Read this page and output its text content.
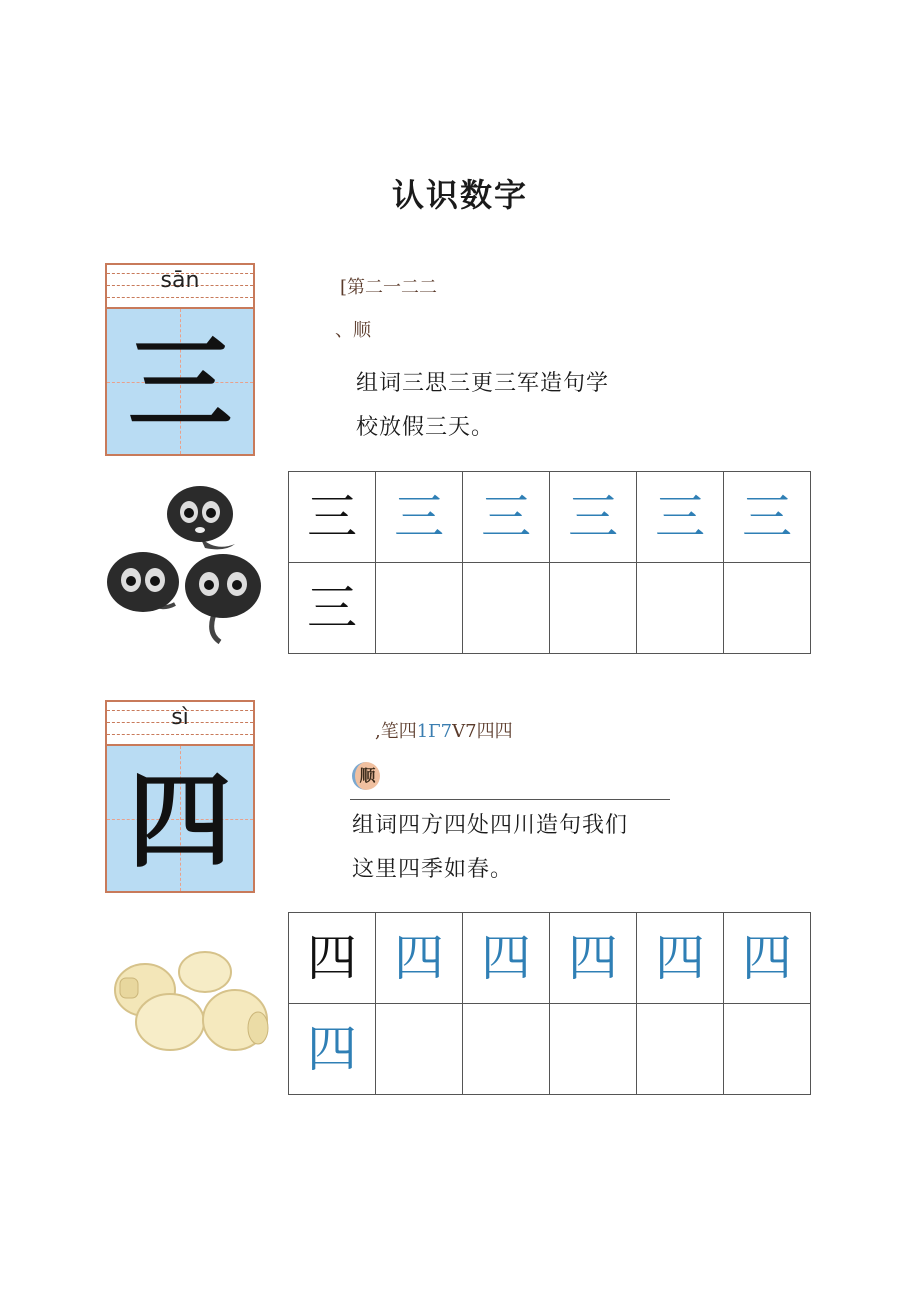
认识数字
sān
三
[第二一二二
、顺
组词三思三更三军造句学
校放假三天。
三	三	三	三	三	三
三					
sì
四
,笔四1Γ7V7四四
顺
组词四方四处四川造句我们
这里四季如春。
四	四	四	四	四	四
四					
